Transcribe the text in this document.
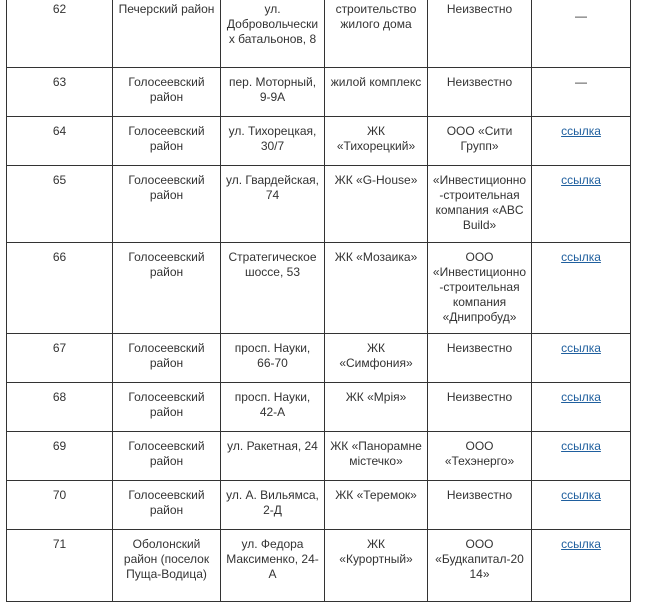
62	Печерский район	ул. Добровольческих батальонов, 8	строительство жилого дома	Неизвестно	—
63	Голосеевский район	пер. Моторный, 9-9А	жилой комплекс	Неизвестно	—
64	Голосеевский район	ул. Тихорецкая, 30/7	ЖК «Тихорецкий»	ООО «Сити Групп»	ссылка
65	Голосеевский район	ул. Гвардейская, 74	ЖК «G-House»	«Инвестиционно-строительная компания «ABC Build»	ссылка
66	Голосеевский район	Стратегическое шоссе, 53	ЖК «Мозаика»	ООО «Инвестиционно-строительная компания «Днипробуд»	ссылка
67	Голосеевский район	просп. Науки, 66-70	ЖК «Симфония»	Неизвестно	ссылка
68	Голосеевский район	просп. Науки, 42-А	ЖК «Мрія»	Неизвестно	ссылка
69	Голосеевский район	ул. Ракетная, 24	ЖК «Панорамне містечко»	ООО «Техэнерго»	ссылка
70	Голосеевский район	ул. А. Вильямса, 2-Д	ЖК «Теремок»	Неизвестно	ссылка
71	Оболонский район (поселок Пуща-Водица)	ул. Федора Максименко, 24-А	ЖК «Курортный»	ООО «Будкапитал-2014»	ссылка
